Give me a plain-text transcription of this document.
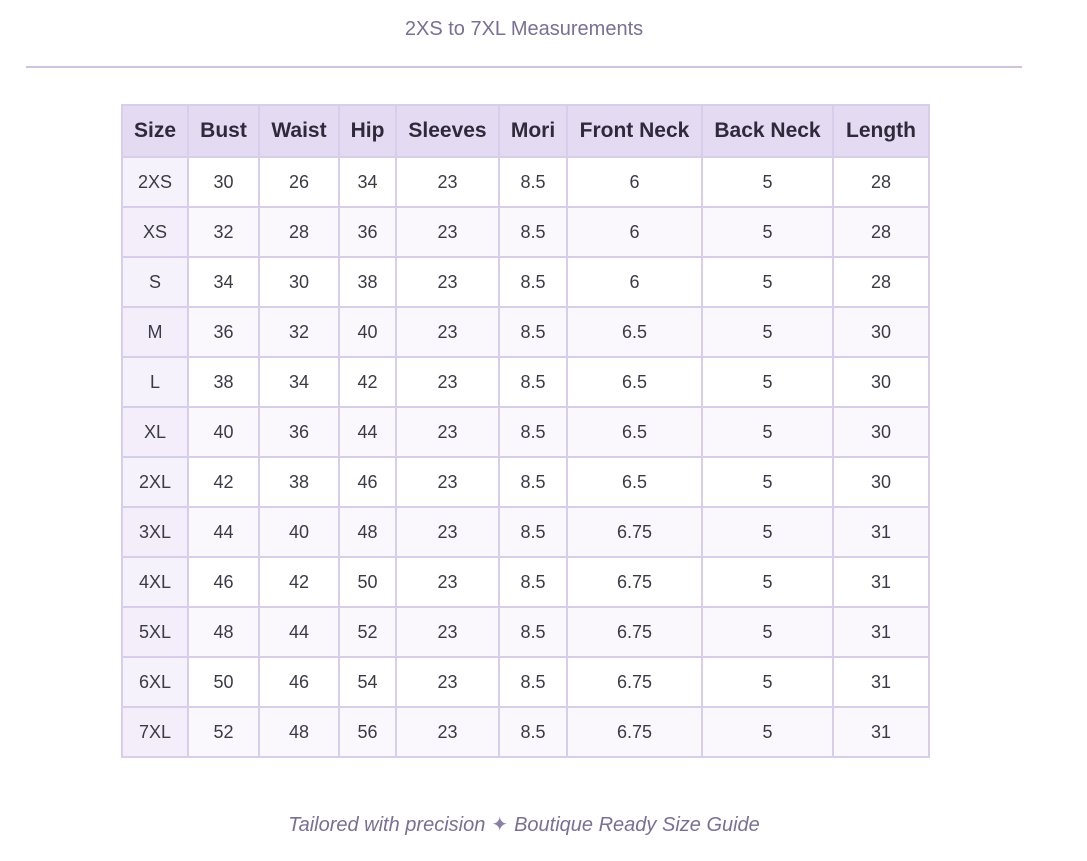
2XS to 7XL Measurements
Size	Bust	Waist	Hip	Sleeves	Mori	Front Neck	Back Neck	Length
2XS	30	26	34	23	8.5	6	5	28
XS	32	28	36	23	8.5	6	5	28
S	34	30	38	23	8.5	6	5	28
M	36	32	40	23	8.5	6.5	5	30
L	38	34	42	23	8.5	6.5	5	30
XL	40	36	44	23	8.5	6.5	5	30
2XL	42	38	46	23	8.5	6.5	5	30
3XL	44	40	48	23	8.5	6.75	5	31
4XL	46	42	50	23	8.5	6.75	5	31
5XL	48	44	52	23	8.5	6.75	5	31
6XL	50	46	54	23	8.5	6.75	5	31
7XL	52	48	56	23	8.5	6.75	5	31
Tailored with precision ✦ Boutique Ready Size Guide
